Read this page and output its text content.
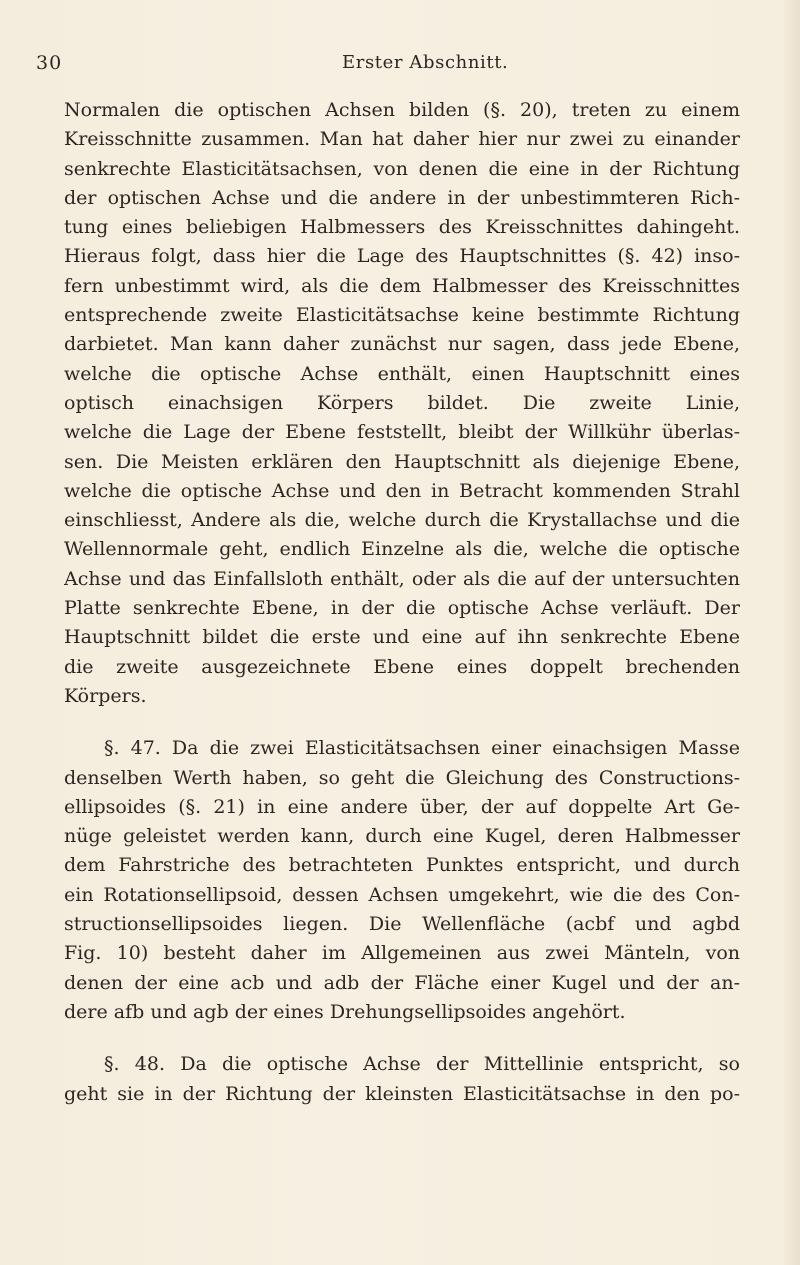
30	Erster Abschnitt.
Normalen die optischen Achsen bilden (§. 20), treten zu einem
Kreisschnitte zusammen. Man hat daher hier nur zwei zu einander
senkrechte Elasticitätsachsen, von denen die eine in der Richtung
der optischen Achse und die andere in der unbestimmteren Rich-
tung eines beliebigen Halbmessers des Kreisschnittes dahingeht.
Hieraus folgt, dass hier die Lage des Hauptschnittes (§. 42) inso-
fern unbestimmt wird, als die dem Halbmesser des Kreisschnittes
entsprechende zweite Elasticitätsachse keine bestimmte Richtung
darbietet. Man kann daher zunächst nur sagen, dass jede Ebene,
welche die optische Achse enthält, einen Hauptschnitt eines
optisch einachsigen Körpers bildet. Die zweite Linie,
welche die Lage der Ebene feststellt, bleibt der Willkühr überlas-
sen. Die Meisten erklären den Hauptschnitt als diejenige Ebene,
welche die optische Achse und den in Betracht kommenden Strahl
einschliesst, Andere als die, welche durch die Krystallachse und die
Wellennormale geht, endlich Einzelne als die, welche die optische
Achse und das Einfallsloth enthält, oder als die auf der untersuchten
Platte senkrechte Ebene, in der die optische Achse verläuft. Der
Hauptschnitt bildet die erste und eine auf ihn senkrechte Ebene
die zweite ausgezeichnete Ebene eines doppelt brechenden
Körpers.
§. 47. Da die zwei Elasticitätsachsen einer einachsigen Masse
denselben Werth haben, so geht die Gleichung des Constructions-
ellipsoides (§. 21) in eine andere über, der auf doppelte Art Ge-
nüge geleistet werden kann, durch eine Kugel, deren Halbmesser
dem Fahrstriche des betrachteten Punktes entspricht, und durch
ein Rotationsellipsoid, dessen Achsen umgekehrt, wie die des Con-
structionsellipsoides liegen. Die Wellenfläche (acbf und agbd
Fig. 10) besteht daher im Allgemeinen aus zwei Mänteln, von
denen der eine acb und adb der Fläche einer Kugel und der an-
dere afb und agb der eines Drehungsellipsoides angehört.
§. 48. Da die optische Achse der Mittellinie entspricht, so
geht sie in der Richtung der kleinsten Elasticitätsachse in den po-
